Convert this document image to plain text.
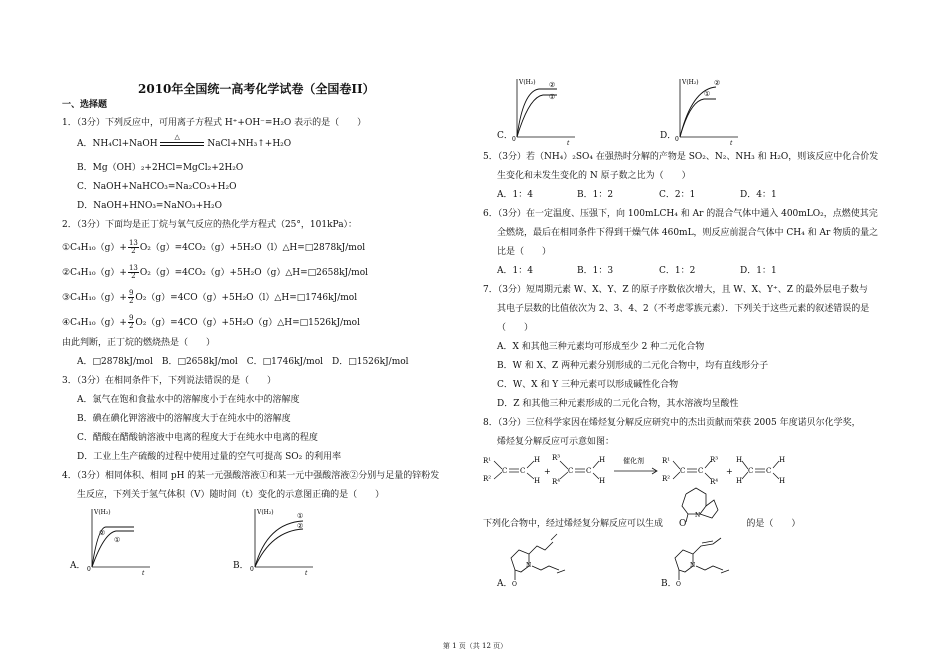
2010年全国统一高考化学试卷（全国卷II）
一、选择题
1．（3分）下列反应中，可用离子方程式 H⁺+OH⁻=H₂O 表示的是（　　）
A．NH₄Cl+NaOH
△
NaCl+NH₃↑+H₂O
B．Mg（OH）₂+2HCl=MgCl₂+2H₂O
C．NaOH+NaHCO₃=Na₂CO₃+H₂O
D．NaOH+HNO₃=NaNO₃+H₂O
2．（3分）下面均是正丁烷与氧气反应的热化学方程式（25°，101kPa）：
①C₄H₁₀（g）+ $\frac{13}{2}$ O₂（g）=4CO₂（g）+5H₂O（l）△H=□2878kJ/mol
②C₄H₁₀（g）+ $\frac{13}{2}$ O₂（g）=4CO₂（g）+5H₂O（g）△H=□2658kJ/mol
③C₄H₁₀（g）+ $\frac{9}{2}$ O₂（g）=4CO（g）+5H₂O（l）△H=□1746kJ/mol
④C₄H₁₀（g）+ $\frac{9}{2}$ O₂（g）=4CO（g）+5H₂O（g）△H=□1526kJ/mol
由此判断，正丁烷的燃烧热是（　　）
A．□2878kJ/mol　B．□2658kJ/mol　C．□1746kJ/mol　D．□1526kJ/mol
3．（3分）在相同条件下，下列说法错误的是（　　）
A．氯气在饱和食盐水中的溶解度小于在纯水中的溶解度
B．碘在碘化钾溶液中的溶解度大于在纯水中的溶解度
C．醋酸在醋酸钠溶液中电离的程度大于在纯水中电离的程度
D．工业上生产硫酸的过程中使用过量的空气可提高 SO₂ 的利用率
4．（3分）相同体积、相同 pH 的某一元强酸溶液①和某一元中强酸溶液②分别与足量的锌粉发
生反应，下列关于氢气体积（V）随时间（t）变化的示意图正确的是（　　）
A．
V(H₂)
0
t
②
①
B．
V(H₂)
0
t
①
②
C．
V(H₂)
0
t
②
①
D．
V(H₂)
0
t
②
①
5．（3分）若（NH₄）₂SO₄ 在强热时分解的产物是 SO₂、N₂、NH₃ 和 H₂O，则该反应中化合价发
生变化和未发生变化的 N 原子数之比为（　　）
A．1：4	B．1：2	C．2：1	D．4：1
6．（3分）在一定温度、压强下，向 100mLCH₄ 和 Ar 的混合气体中通入 400mLO₂，点燃使其完
全燃烧，最后在相同条件下得到干燥气体 460mL，则反应前混合气体中 CH₄ 和 Ar 物质的量之
比是（　　）
A．1：4	B．1：3	C．1：2	D．1：1
7．（3分）短周期元素 W、X、Y、Z 的原子序数依次增大，且 W、X、Y⁺、Z 的最外层电子数与
其电子层数的比值依次为 2、3、4、2（不考虑零族元素）．下列关于这些元素的叙述错误的是
（　　）
A．X 和其他三种元素均可形成至少 2 种二元化合物
B．W 和 X、Z 两种元素分别形成的二元化合物中，均有直线形分子
C．W、X 和 Y 三种元素可以形成碱性化合物
D．Z 和其他三种元素形成的二元化合物，其水溶液均呈酸性
8．（3分）三位科学家因在烯烃复分解反应研究中的杰出贡献而荣获 2005 年度诺贝尔化学奖，
烯烃复分解反应可示意如图：
R¹
R²
C C
H
H
+
R³
R⁴
C C
H
H
催化剂	R¹
R²
C C
R³
R⁴
+
H
H
C C
H
H
N
下列化合物中，经过烯烃复分解反应可以生成 O	的是（　　）
A． O
N
B． O
N
第 1 页（共 12 页）
